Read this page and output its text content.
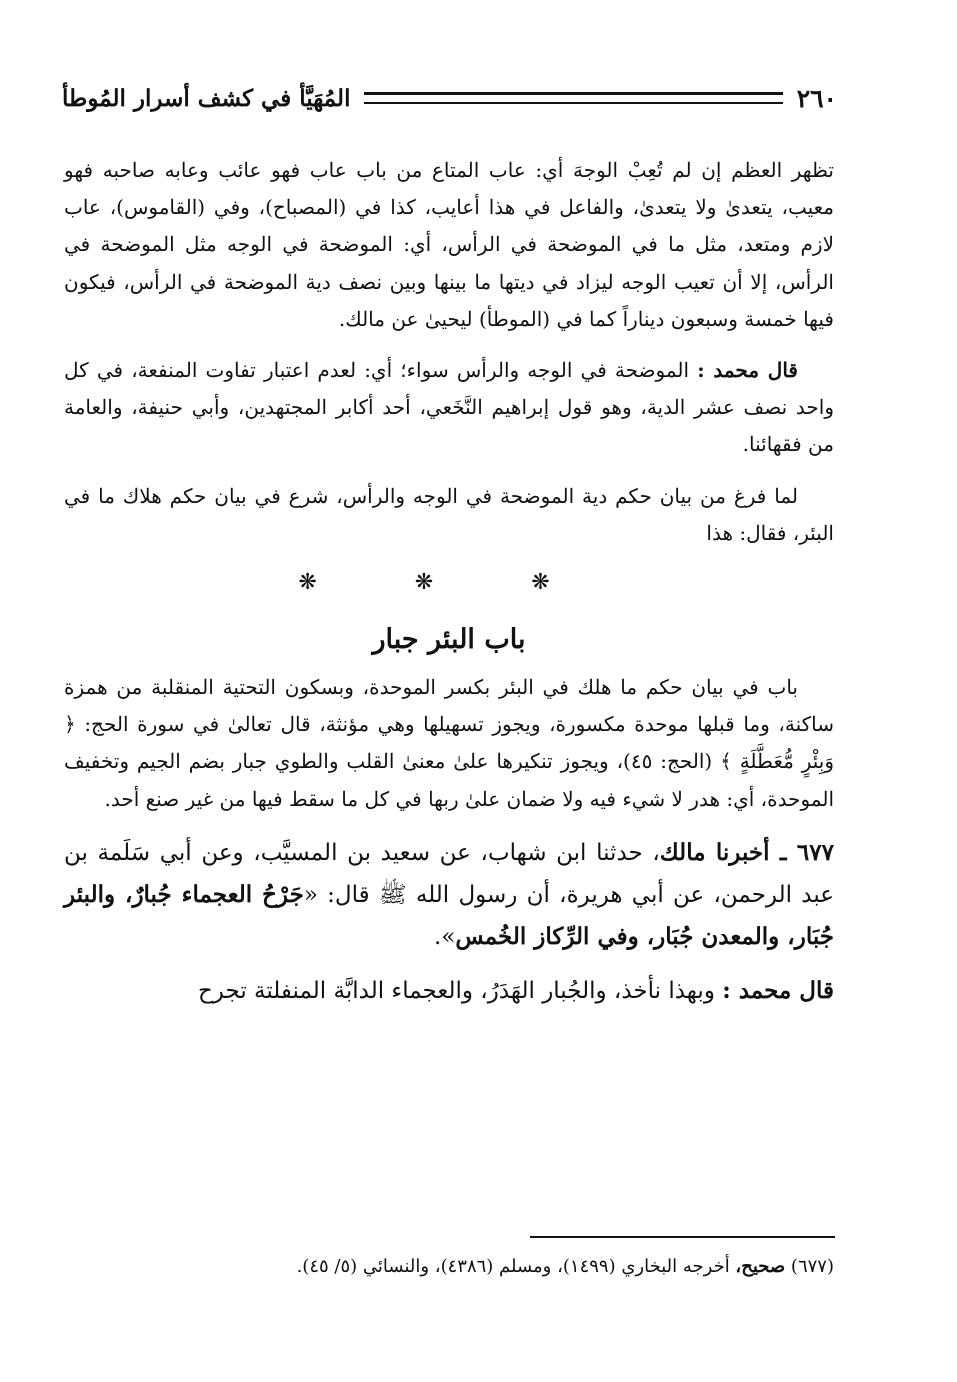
٢٦٠
المُهَيَّأ في كشف أسرار المُوطأ

تظهر العظم إن لم تُعِبْ الوجهَ أي: عاب المتاع من باب عاب فهو عائب وعابه صاحبه فهو معيب، يتعدىٰ ولا يتعدىٰ، والفاعل في هذا أعايب، كذا في (المصباح)، وفي (القاموس)، عاب لازم ومتعد، مثل ما في الموضحة في الرأس، أي: الموضحة في الوجه مثل الموضحة في الرأس، إلا أن تعيب الوجه ليزاد في ديتها ما بينها وبين نصف دية الموضحة في الرأس، فيكون فيها خمسة وسبعون ديناراً كما في (الموطأ) ليحيىٰ عن مالك.

قال محمد : الموضحة في الوجه والرأس سواء؛ أي: لعدم اعتبار تفاوت المنفعة، في كل واحد نصف عشر الدية، وهو قول إبراهيم النَّخَعي، أحد أكابر المجتهدين، وأبي حنيفة، والعامة من فقهائنا.

لما فرغ من بيان حكم دية الموضحة في الوجه والرأس، شرع في بيان حكم هلاك ما في البئر، فقال: هذا

❋ ❋ ❋
باب البئر جبار

باب في بيان حكم ما هلك في البئر بكسر الموحدة، وبسكون التحتية المنقلبة من همزة ساكنة، وما قبلها موحدة مكسورة، ويجوز تسهيلها وهي مؤنثة، قال تعالىٰ في سورة الحج: ﴿ وَبِئْرٍ مُّعَطَّلَةٍ ﴾ (الحج: ٤٥)، ويجوز تنكيرها علىٰ معنىٰ القلب والطوي جبار بضم الجيم وتخفيف الموحدة، أي: هدر لا شيء فيه ولا ضمان علىٰ ربها في كل ما سقط فيها من غير صنع أحد.

٦٧٧ ـ أخبرنا مالك، حدثنا ابن شهاب، عن سعيد بن المسيَّب، وعن أبي سَلَمة بن عبد الرحمن، عن أبي هريرة، أن رسول الله ﷺ قال: «جَرْحُ العجماء جُبارٌ، والبئر جُبَار، والمعدن جُبَار، وفي الرِّكاز الخُمس».

قال محمد : وبهذا نأخذ، والجُبار الهَدَرُ، والعجماء الدابَّة المنفلتة تجرح

(٦٧٧) صحيح، أخرجه البخاري (١٤٩٩)، ومسلم (٤٣٨٦)، والنسائي (٥/ ٤٥).
